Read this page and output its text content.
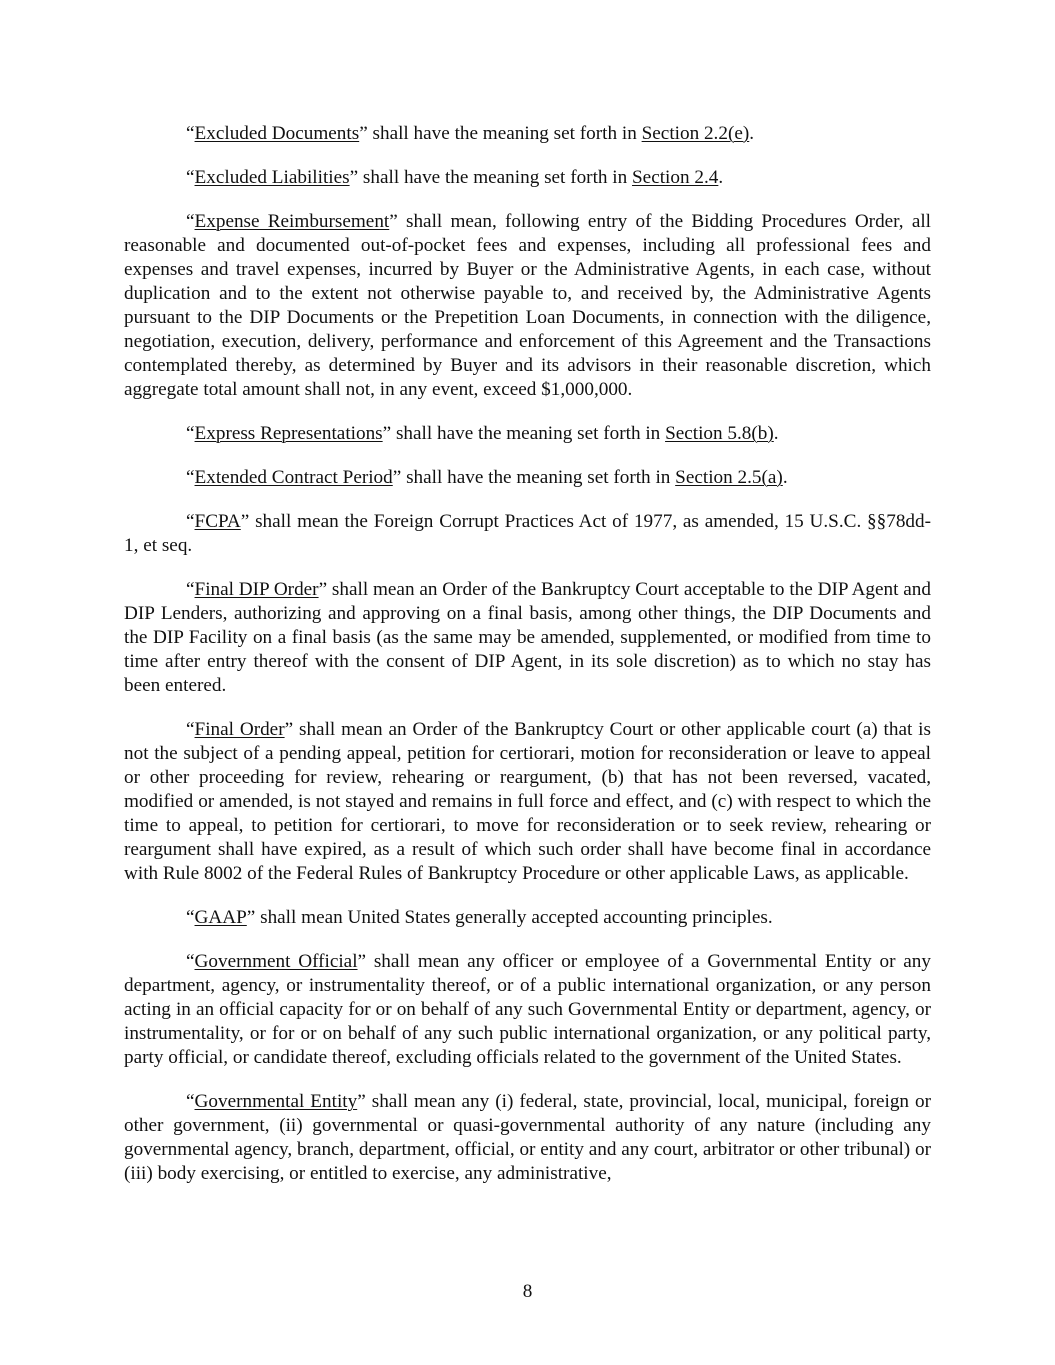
“Excluded Documents” shall have the meaning set forth in Section 2.2(e).

“Excluded Liabilities” shall have the meaning set forth in Section 2.4.

“Expense Reimbursement” shall mean, following entry of the Bidding Procedures Order, all reasonable and documented out-of-pocket fees and expenses, including all professional fees and expenses and travel expenses, incurred by Buyer or the Administrative Agents, in each case, without duplication and to the extent not otherwise payable to, and received by, the Administrative Agents pursuant to the DIP Documents or the Prepetition Loan Documents, in connection with the diligence, negotiation, execution, delivery, performance and enforcement of this Agreement and the Transactions contemplated thereby, as determined by Buyer and its advisors in their reasonable discretion, which aggregate total amount shall not, in any event, exceed $1,000,000.

“Express Representations” shall have the meaning set forth in Section 5.8(b).

“Extended Contract Period” shall have the meaning set forth in Section 2.5(a).

“FCPA” shall mean the Foreign Corrupt Practices Act of 1977, as amended, 15 U.S.C. §§78dd-1, et seq.

“Final DIP Order” shall mean an Order of the Bankruptcy Court acceptable to the DIP Agent and DIP Lenders, authorizing and approving on a final basis, among other things, the DIP Documents and the DIP Facility on a final basis (as the same may be amended, supplemented, or modified from time to time after entry thereof with the consent of DIP Agent, in its sole discretion) as to which no stay has been entered.

“Final Order” shall mean an Order of the Bankruptcy Court or other applicable court (a) that is not the subject of a pending appeal, petition for certiorari, motion for reconsideration or leave to appeal or other proceeding for review, rehearing or reargument, (b) that has not been reversed, vacated, modified or amended, is not stayed and remains in full force and effect, and (c) with respect to which the time to appeal, to petition for certiorari, to move for reconsideration or to seek review, rehearing or reargument shall have expired, as a result of which such order shall have become final in accordance with Rule 8002 of the Federal Rules of Bankruptcy Procedure or other applicable Laws, as applicable.

“GAAP” shall mean United States generally accepted accounting principles.

“Government Official” shall mean any officer or employee of a Governmental Entity or any department, agency, or instrumentality thereof, or of a public international organization, or any person acting in an official capacity for or on behalf of any such Governmental Entity or department, agency, or instrumentality, or for or on behalf of any such public international organization, or any political party, party official, or candidate thereof, excluding officials related to the government of the United States.

“Governmental Entity” shall mean any (i) federal, state, provincial, local, municipal, foreign or other government, (ii) governmental or quasi-governmental authority of any nature (including any governmental agency, branch, department, official, or entity and any court, arbitrator or other tribunal) or (iii) body exercising, or entitled to exercise, any administrative,

8
